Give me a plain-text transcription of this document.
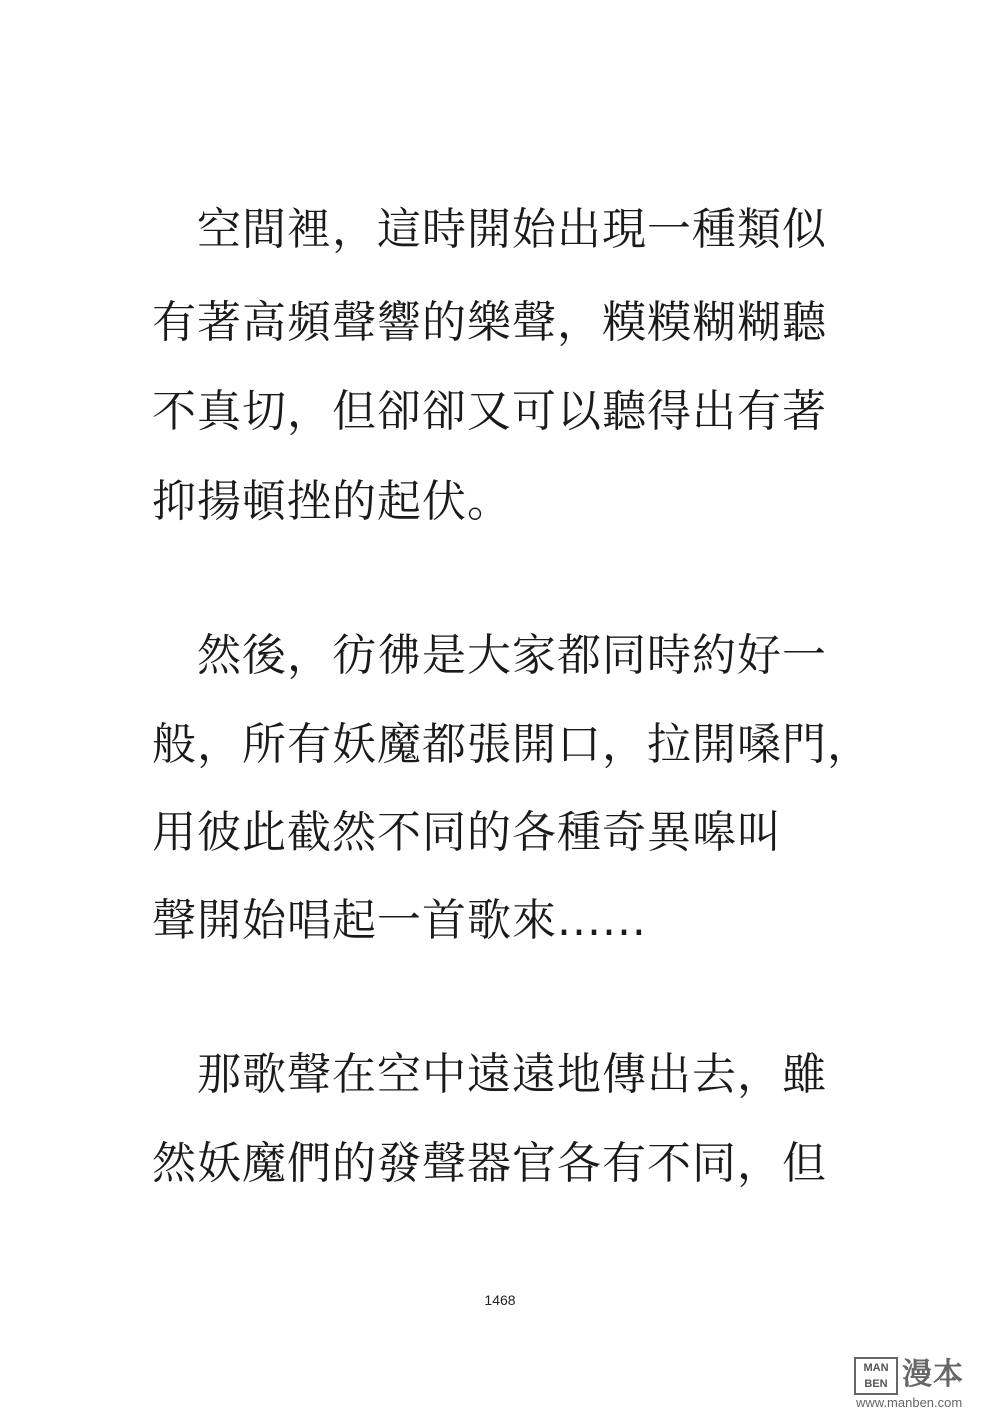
　空間裡，這時開始出現一種類似
有著高頻聲響的樂聲，糢糢糊糊聽
不真切，但卻卻又可以聽得出有著
抑揚頓挫的起伏。
　然後，彷彿是大家都同時約好一
般，所有妖魔都張開口，拉開嗓門，
用彼此截然不同的各種奇異嗥叫
聲開始唱起一首歌來......
　那歌聲在空中遠遠地傳出去，雖
然妖魔們的發聲器官各有不同，但
1468
MAN BEN 漫本
www.manben.com
